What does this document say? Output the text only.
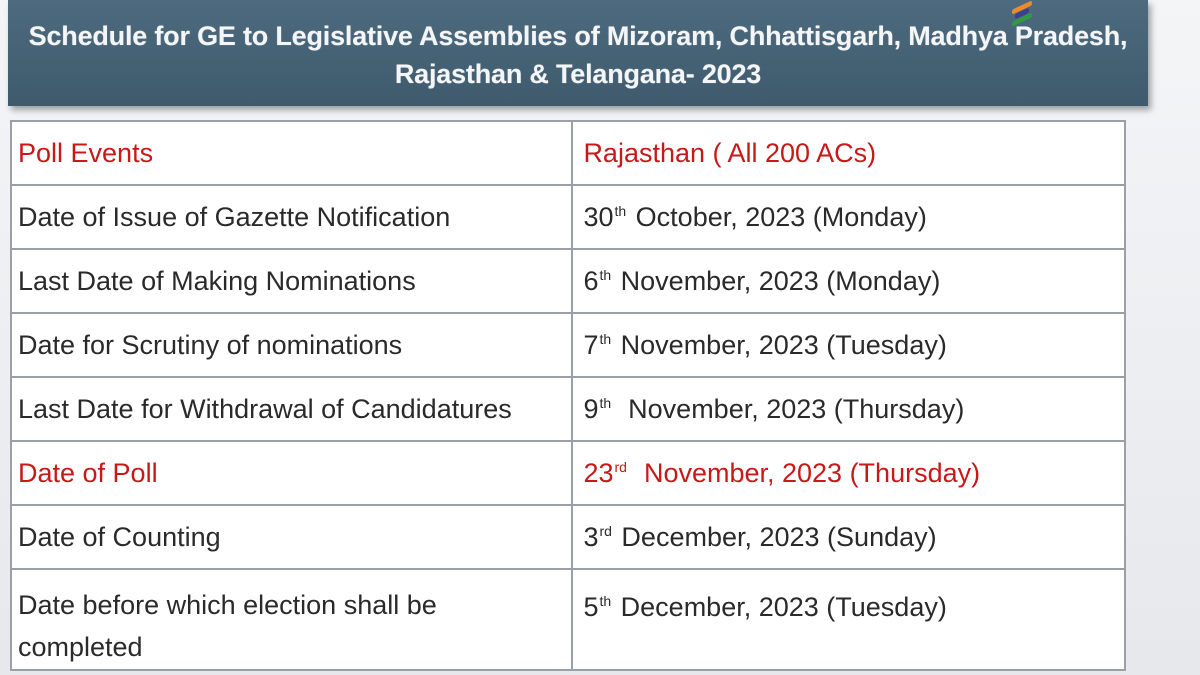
Schedule for GE to Legislative Assemblies of Mizoram, Chhattisgarh, Madhya Pradesh,
Rajasthan & Telangana- 2023
Poll Events	Rajasthan ( All 200 ACs)
Date of Issue of Gazette Notification	30th October, 2023 (Monday)
Last Date of Making Nominations	6th November, 2023 (Monday)
Date for Scrutiny of nominations	7th November, 2023 (Tuesday)
Last Date for Withdrawal of Candidatures	9th  November, 2023 (Thursday)
Date of Poll	23rd  November, 2023 (Thursday)
Date of Counting	3rd December, 2023 (Sunday)
Date before which election shall be completed	5th December, 2023 (Tuesday)
